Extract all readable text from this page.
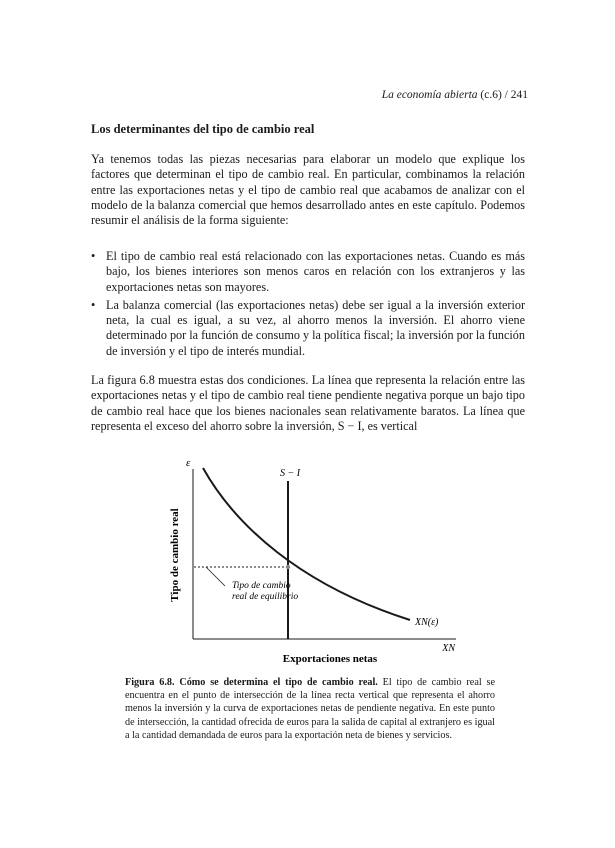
La economía abierta (c.6) / 241
Los determinantes del tipo de cambio real
Ya tenemos todas las piezas necesarias para elaborar un modelo que explique los factores que determinan el tipo de cambio real. En particular, combinamos la relación entre las exportaciones netas y el tipo de cambio real que acabamos de analizar con el modelo de la balanza comercial que hemos desarrollado antes en este capítulo. Podemos resumir el análisis de la forma siguiente:
• El tipo de cambio real está relacionado con las exportaciones netas. Cuando es más bajo, los bienes interiores son menos caros en relación con los extranjeros y las exportaciones netas son mayores.
• La balanza comercial (las exportaciones netas) debe ser igual a la inversión exterior neta, la cual es igual, a su vez, al ahorro menos la inversión. El ahorro viene determinado por la función de consumo y la política fiscal; la inversión por la función de inversión y el tipo de interés mundial.
La figura 6.8 muestra estas dos condiciones. La línea que representa la relación entre las exportaciones netas y el tipo de cambio real tiene pendiente negativa porque un bajo tipo de cambio real hace que los bienes nacionales sean relativamente baratos. La línea que representa el exceso del ahorro sobre la inversión, S − I, es vertical
ε
Tipo de cambio real
XN
Exportaciones netas
S − I
XN(ε)
Tipo de cambio
real de equilibrio
Figura 6.8. Cómo se determina el tipo de cambio real. El tipo de cambio real se encuentra en el punto de intersección de la línea recta vertical que representa el ahorro menos la inversión y la curva de exportaciones netas de pendiente negativa. En este punto de intersección, la cantidad ofrecida de euros para la salida de capital al extranjero es igual a la cantidad demandada de euros para la exportación neta de bienes y servicios.
